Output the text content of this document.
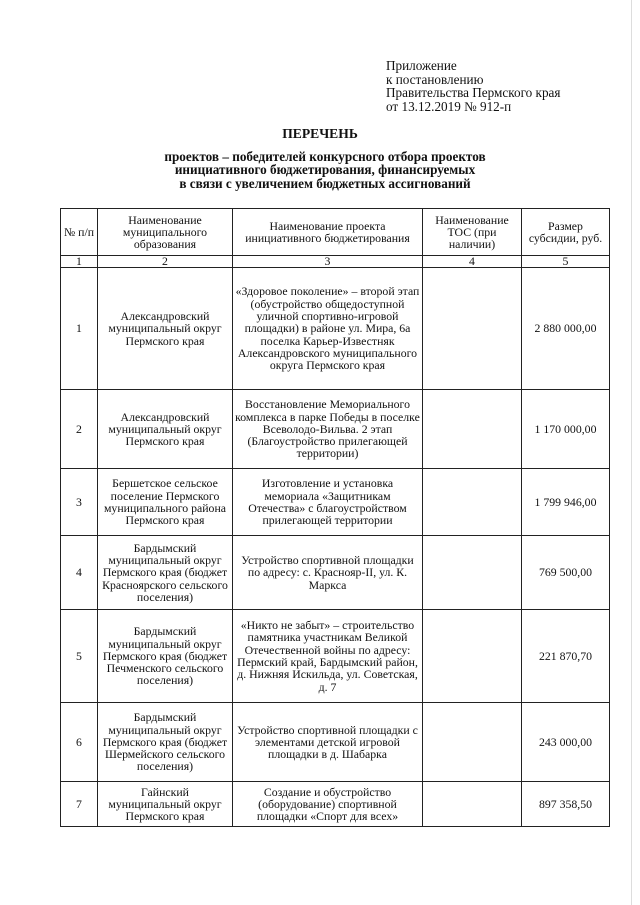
Приложение
к постановлению
Правительства Пермского края
от 13.12.2019 № 912-п
ПЕРЕЧЕНЬ
проектов – победителей конкурсного отбора проектов
инициативного бюджетирования, финансируемых
в связи с увеличением бюджетных ассигнований
№ п/п	Наименование муниципального образования	Наименование проекта инициативного бюджетирования	Наименование ТОС (при наличии)	Размер субсидии, руб.
1	2	3	4	5
1	Александровский муниципальный округ Пермского края	«Здоровое поколение» – второй этап (обустройство общедоступной уличной спортивно-игровой площадки) в районе ул. Мира, 6а поселка Карьер-Известняк Александровского муниципального округа Пермского края		2 880 000,00
2	Александровский муниципальный округ Пермского края	Восстановление Мемориального комплекса в парке Победы в поселке Всеволодо-Вильва. 2 этап (Благоустройство прилегающей территории)		1 170 000,00
3	Бершетское сельское поселение Пермского муниципального района Пермского края	Изготовление и установка мемориала «Защитникам Отечества» с благоустройством прилегающей территории		1 799 946,00
4	Бардымский муниципальный округ Пермского края (бюджет Красноярского сельского поселения)	Устройство спортивной площадки по адресу: с. Краснояр-II, ул. К. Маркса		769 500,00
5	Бардымский муниципальный округ Пермского края (бюджет Печменского сельского поселения)	«Никто не забыт» – строительство памятника участникам Великой Отечественной войны по адресу: Пермский край, Бардымский район, д. Нижняя Искильда, ул. Советская, д. 7		221 870,70
6	Бардымский муниципальный округ Пермского края (бюджет Шермейского сельского поселения)	Устройство спортивной площадки с элементами детской игровой площадки в д. Шабарка		243 000,00
7	Гайнский муниципальный округ Пермского края	Создание и обустройство (оборудование) спортивной площадки «Спорт для всех»		897 358,50
